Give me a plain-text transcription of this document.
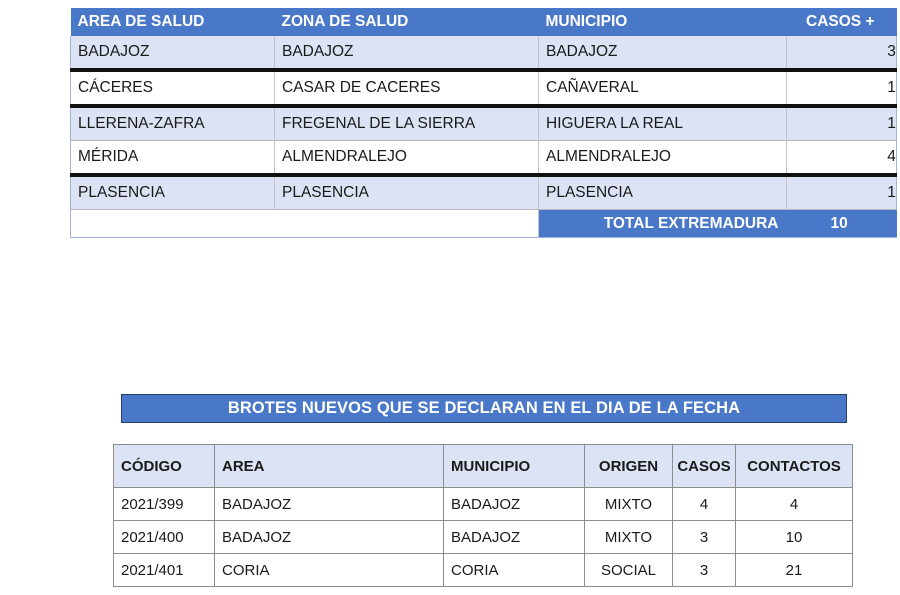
AREA DE SALUD	ZONA DE SALUD	MUNICIPIO	CASOS +
BADAJOZ	BADAJOZ	BADAJOZ	3
CÁCERES	CASAR DE CACERES	CAÑAVERAL	1
LLERENA-ZAFRA	FREGENAL DE LA SIERRA	HIGUERA LA REAL	1
MÉRIDA	ALMENDRALEJO	ALMENDRALEJO	4
PLASENCIA	PLASENCIA	PLASENCIA	1
		TOTAL EXTREMADURA	10
BROTES NUEVOS QUE SE DECLARAN EN EL DIA DE LA FECHA
CÓDIGO	AREA	MUNICIPIO	ORIGEN	CASOS	CONTACTOS
2021/399	BADAJOZ	BADAJOZ	MIXTO	4	4
2021/400	BADAJOZ	BADAJOZ	MIXTO	3	10
2021/401	CORIA	CORIA	SOCIAL	3	21
